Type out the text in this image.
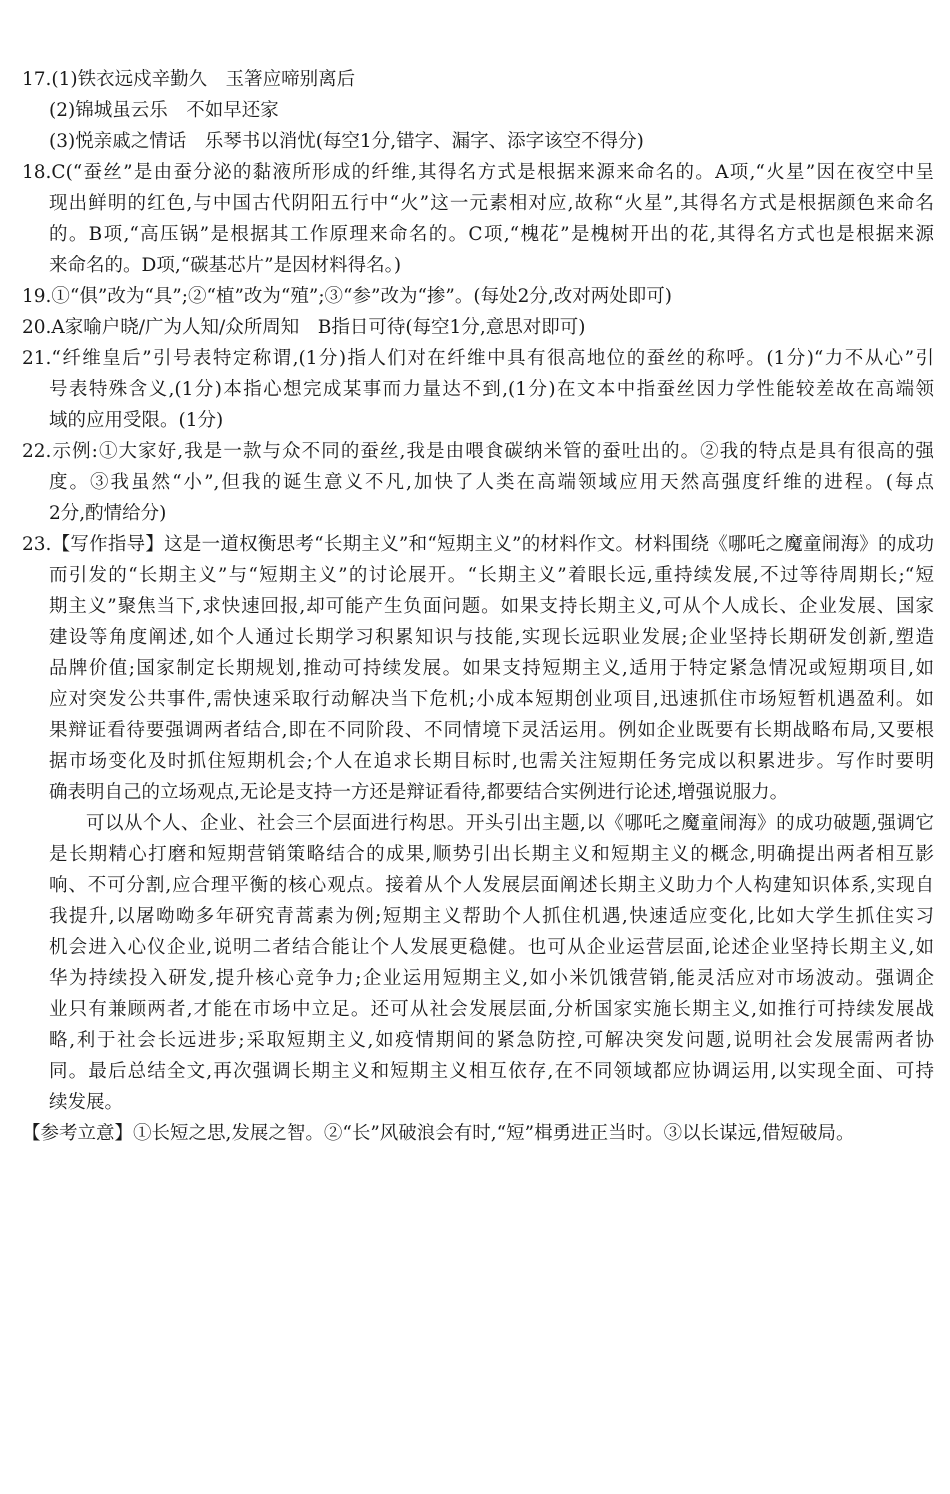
17.(1)铁衣远戍辛勤久　玉箸应啼别离后
(2)锦城虽云乐　不如早还家
(3)悦亲戚之情话　乐琴书以消忧(每空1分,错字、漏字、添字该空不得分)
18.C(“蚕丝”是由蚕分泌的黏液所形成的纤维,其得名方式是根据来源来命名的。A项,“火星”因在夜空中呈
现出鲜明的红色,与中国古代阴阳五行中“火”这一元素相对应,故称“火星”,其得名方式是根据颜色来命名
的。B项,“高压锅”是根据其工作原理来命名的。C项,“槐花”是槐树开出的花,其得名方式也是根据来源
来命名的。D项,“碳基芯片”是因材料得名。)
19.①“俱”改为“具”;②“植”改为“殖”;③“参”改为“掺”。(每处2分,改对两处即可)
20.A家喻户晓/广为人知/众所周知　B指日可待(每空1分,意思对即可)
21.“纤维皇后”引号表特定称谓,(1分)指人们对在纤维中具有很高地位的蚕丝的称呼。(1分)“力不从心”引
号表特殊含义,(1分)本指心想完成某事而力量达不到,(1分)在文本中指蚕丝因力学性能较差故在高端领
域的应用受限。(1分)
22.示例:①大家好,我是一款与众不同的蚕丝,我是由喂食碳纳米管的蚕吐出的。②我的特点是具有很高的强
度。③我虽然“小”,但我的诞生意义不凡,加快了人类在高端领域应用天然高强度纤维的进程。(每点
2分,酌情给分)
23.【写作指导】这是一道权衡思考“长期主义”和“短期主义”的材料作文。材料围绕《哪吒之魔童闹海》的成功
而引发的“长期主义”与“短期主义”的讨论展开。“长期主义”着眼长远,重持续发展,不过等待周期长;“短
期主义”聚焦当下,求快速回报,却可能产生负面问题。如果支持长期主义,可从个人成长、企业发展、国家
建设等角度阐述,如个人通过长期学习积累知识与技能,实现长远职业发展;企业坚持长期研发创新,塑造
品牌价值;国家制定长期规划,推动可持续发展。如果支持短期主义,适用于特定紧急情况或短期项目,如
应对突发公共事件,需快速采取行动解决当下危机;小成本短期创业项目,迅速抓住市场短暂机遇盈利。如
果辩证看待要强调两者结合,即在不同阶段、不同情境下灵活运用。例如企业既要有长期战略布局,又要根
据市场变化及时抓住短期机会;个人在追求长期目标时,也需关注短期任务完成以积累进步。写作时要明
确表明自己的立场观点,无论是支持一方还是辩证看待,都要结合实例进行论述,增强说服力。
可以从个人、企业、社会三个层面进行构思。开头引出主题,以《哪吒之魔童闹海》的成功破题,强调它
是长期精心打磨和短期营销策略结合的成果,顺势引出长期主义和短期主义的概念,明确提出两者相互影
响、不可分割,应合理平衡的核心观点。接着从个人发展层面阐述长期主义助力个人构建知识体系,实现自
我提升,以屠呦呦多年研究青蒿素为例;短期主义帮助个人抓住机遇,快速适应变化,比如大学生抓住实习
机会进入心仪企业,说明二者结合能让个人发展更稳健。也可从企业运营层面,论述企业坚持长期主义,如
华为持续投入研发,提升核心竞争力;企业运用短期主义,如小米饥饿营销,能灵活应对市场波动。强调企
业只有兼顾两者,才能在市场中立足。还可从社会发展层面,分析国家实施长期主义,如推行可持续发展战
略,利于社会长远进步;采取短期主义,如疫情期间的紧急防控,可解决突发问题,说明社会发展需两者协
同。最后总结全文,再次强调长期主义和短期主义相互依存,在不同领域都应协调运用,以实现全面、可持
续发展。
【参考立意】①长短之思,发展之智。②“长”风破浪会有时,“短”楫勇进正当时。③以长谋远,借短破局。
